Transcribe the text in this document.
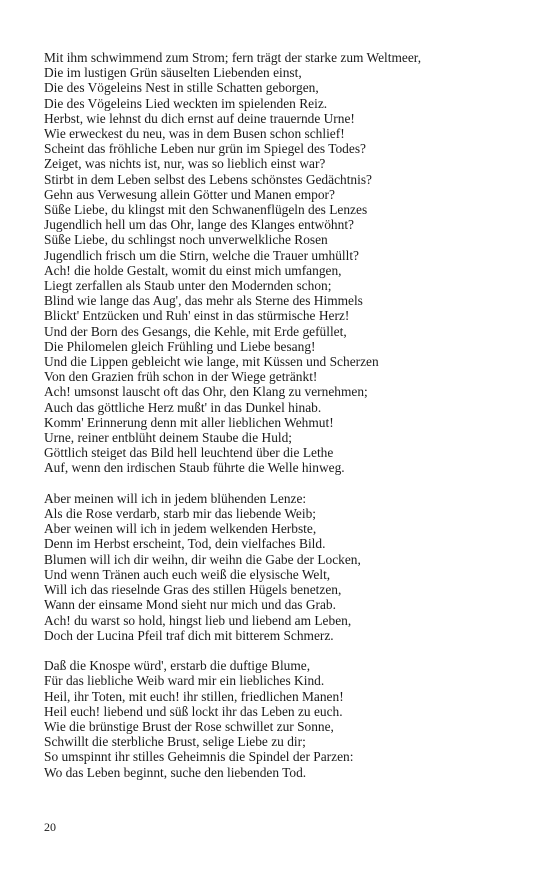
Mit ihm schwimmend zum Strom; fern trägt der starke zum Weltmeer,
Die im lustigen Grün säuselten Liebenden einst,
Die des Vögeleins Nest in stille Schatten geborgen,
Die des Vögeleins Lied weckten im spielenden Reiz.
Herbst, wie lehnst du dich ernst auf deine trauernde Urne!
Wie erweckest du neu, was in dem Busen schon schlief!
Scheint das fröhliche Leben nur grün im Spiegel des Todes?
Zeiget, was nichts ist, nur, was so lieblich einst war?
Stirbt in dem Leben selbst des Lebens schönstes Gedächtnis?
Gehn aus Verwesung allein Götter und Manen empor?
Süße Liebe, du klingst mit den Schwanenflügeln des Lenzes
Jugendlich hell um das Ohr, lange des Klanges entwöhnt?
Süße Liebe, du schlingst noch unverwelkliche Rosen
Jugendlich frisch um die Stirn, welche die Trauer umhüllt?
Ach! die holde Gestalt, womit du einst mich umfangen,
Liegt zerfallen als Staub unter den Modernden schon;
Blind wie lange das Aug', das mehr als Sterne des Himmels
Blickt' Entzücken und Ruh' einst in das stürmische Herz!
Und der Born des Gesangs, die Kehle, mit Erde gefüllet,
Die Philomelen gleich Frühling und Liebe besang!
Und die Lippen gebleicht wie lange, mit Küssen und Scherzen
Von den Grazien früh schon in der Wiege getränkt!
Ach! umsonst lauscht oft das Ohr, den Klang zu vernehmen;
Auch das göttliche Herz mußt' in das Dunkel hinab.
Komm' Erinnerung denn mit aller lieblichen Wehmut!
Urne, reiner entblüht deinem Staube die Huld;
Göttlich steiget das Bild hell leuchtend über die Lethe
Auf, wenn den irdischen Staub führte die Welle hinweg.
Aber meinen will ich in jedem blühenden Lenze:
Als die Rose verdarb, starb mir das liebende Weib;
Aber weinen will ich in jedem welkenden Herbste,
Denn im Herbst erscheint, Tod, dein vielfaches Bild.
Blumen will ich dir weihn, dir weihn die Gabe der Locken,
Und wenn Tränen auch euch weiß die elysische Welt,
Will ich das rieselnde Gras des stillen Hügels benetzen,
Wann der einsame Mond sieht nur mich und das Grab.
Ach! du warst so hold, hingst lieb und liebend am Leben,
Doch der Lucina Pfeil traf dich mit bitterem Schmerz.
Daß die Knospe würd', erstarb die duftige Blume,
Für das liebliche Weib ward mir ein liebliches Kind.
Heil, ihr Toten, mit euch! ihr stillen, friedlichen Manen!
Heil euch! liebend und süß lockt ihr das Leben zu euch.
Wie die brünstige Brust der Rose schwillet zur Sonne,
Schwillt die sterbliche Brust, selige Liebe zu dir;
So umspinnt ihr stilles Geheimnis die Spindel der Parzen:
Wo das Leben beginnt, suche den liebenden Tod.
20
